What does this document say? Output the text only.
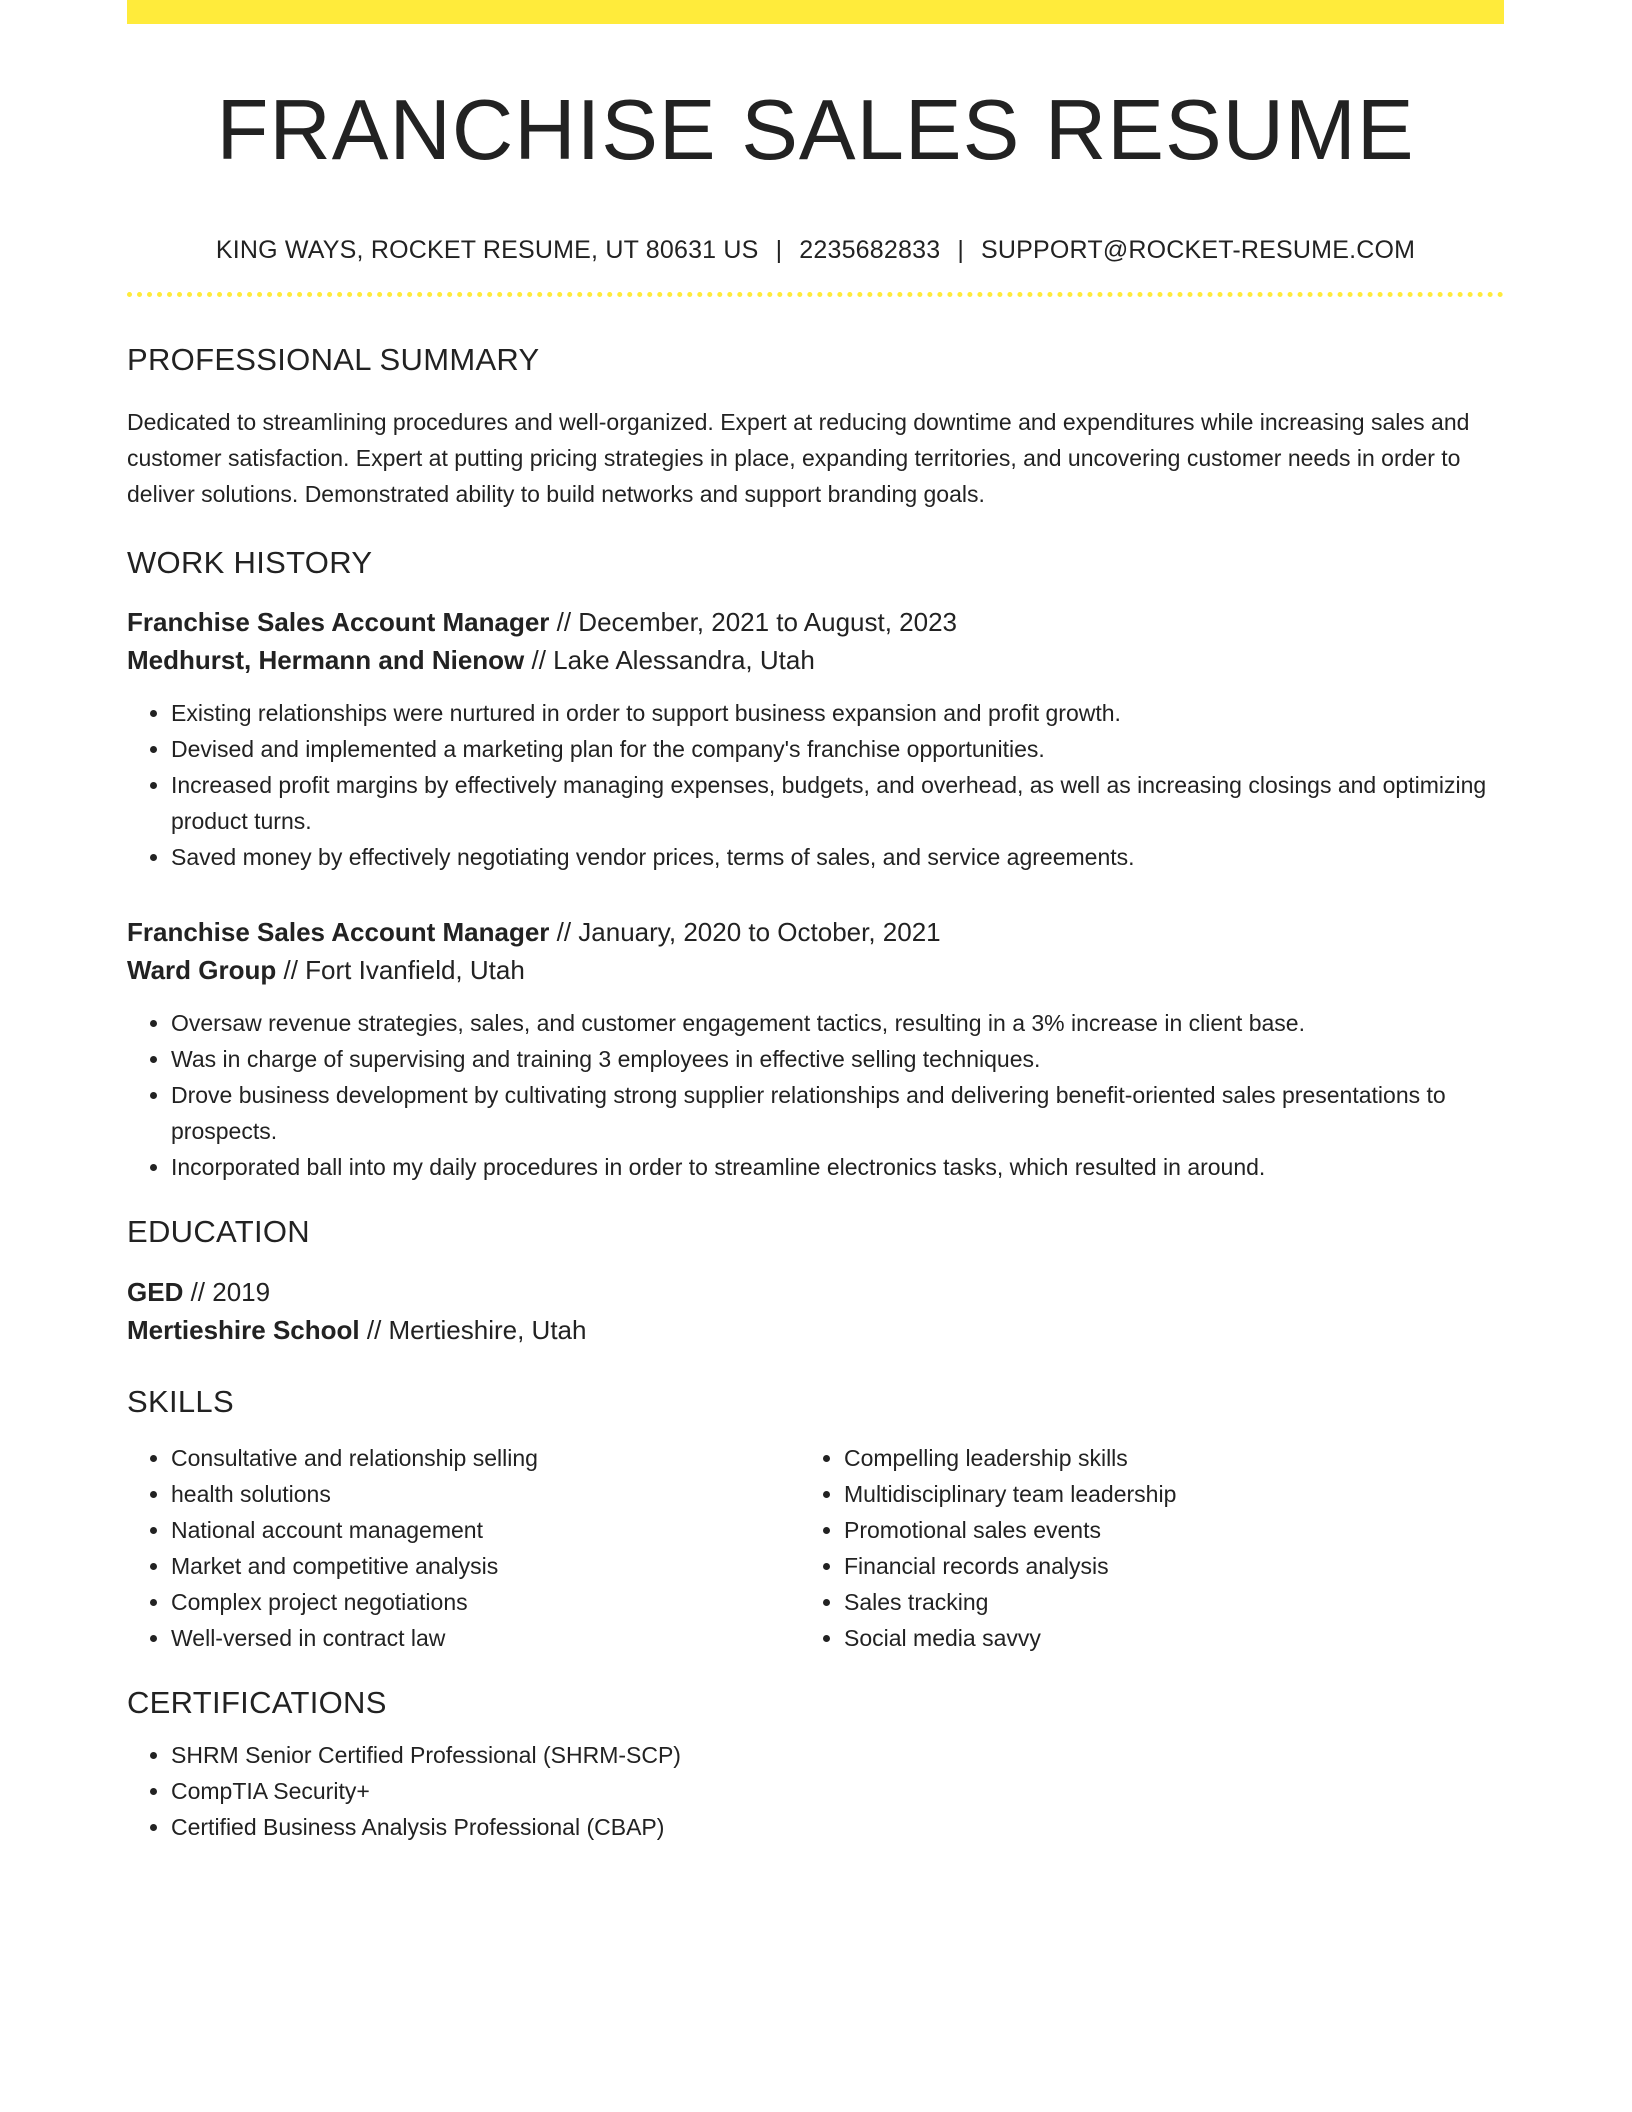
FRANCHISE SALES RESUME
KING WAYS, ROCKET RESUME, UT 80631 US | 2235682833 | SUPPORT@ROCKET-RESUME.COM
PROFESSIONAL SUMMARY

Dedicated to streamlining procedures and well-organized. Expert at reducing downtime and expenditures while increasing sales and customer satisfaction. Expert at putting pricing strategies in place, expanding territories, and uncovering customer needs in order to deliver solutions. Demonstrated ability to build networks and support branding goals.

WORK HISTORY

Franchise Sales Account Manager // December, 2021 to August, 2023

Medhurst, Hermann and Nienow // Lake Alessandra, Utah

• Existing relationships were nurtured in order to support business expansion and profit growth.
• Devised and implemented a marketing plan for the company's franchise opportunities.
• Increased profit margins by effectively managing expenses, budgets, and overhead, as well as increasing closings and optimizing product turns.
• Saved money by effectively negotiating vendor prices, terms of sales, and service agreements.

Franchise Sales Account Manager // January, 2020 to October, 2021

Ward Group // Fort Ivanfield, Utah

• Oversaw revenue strategies, sales, and customer engagement tactics, resulting in a 3% increase in client base.
• Was in charge of supervising and training 3 employees in effective selling techniques.
• Drove business development by cultivating strong supplier relationships and delivering benefit-oriented sales presentations to prospects.
• Incorporated ball into my daily procedures in order to streamline electronics tasks, which resulted in around.
EDUCATION

GED // 2019

Mertieshire School // Mertieshire, Utah

SKILLS
• Consultative and relationship selling
• health solutions
• National account management
• Market and competitive analysis
• Complex project negotiations
• Well-versed in contract law
• Compelling leadership skills
• Multidisciplinary team leadership
• Promotional sales events
• Financial records analysis
• Sales tracking
• Social media savvy
CERTIFICATIONS
• SHRM Senior Certified Professional (SHRM-SCP)
• CompTIA Security+
• Certified Business Analysis Professional (CBAP)
